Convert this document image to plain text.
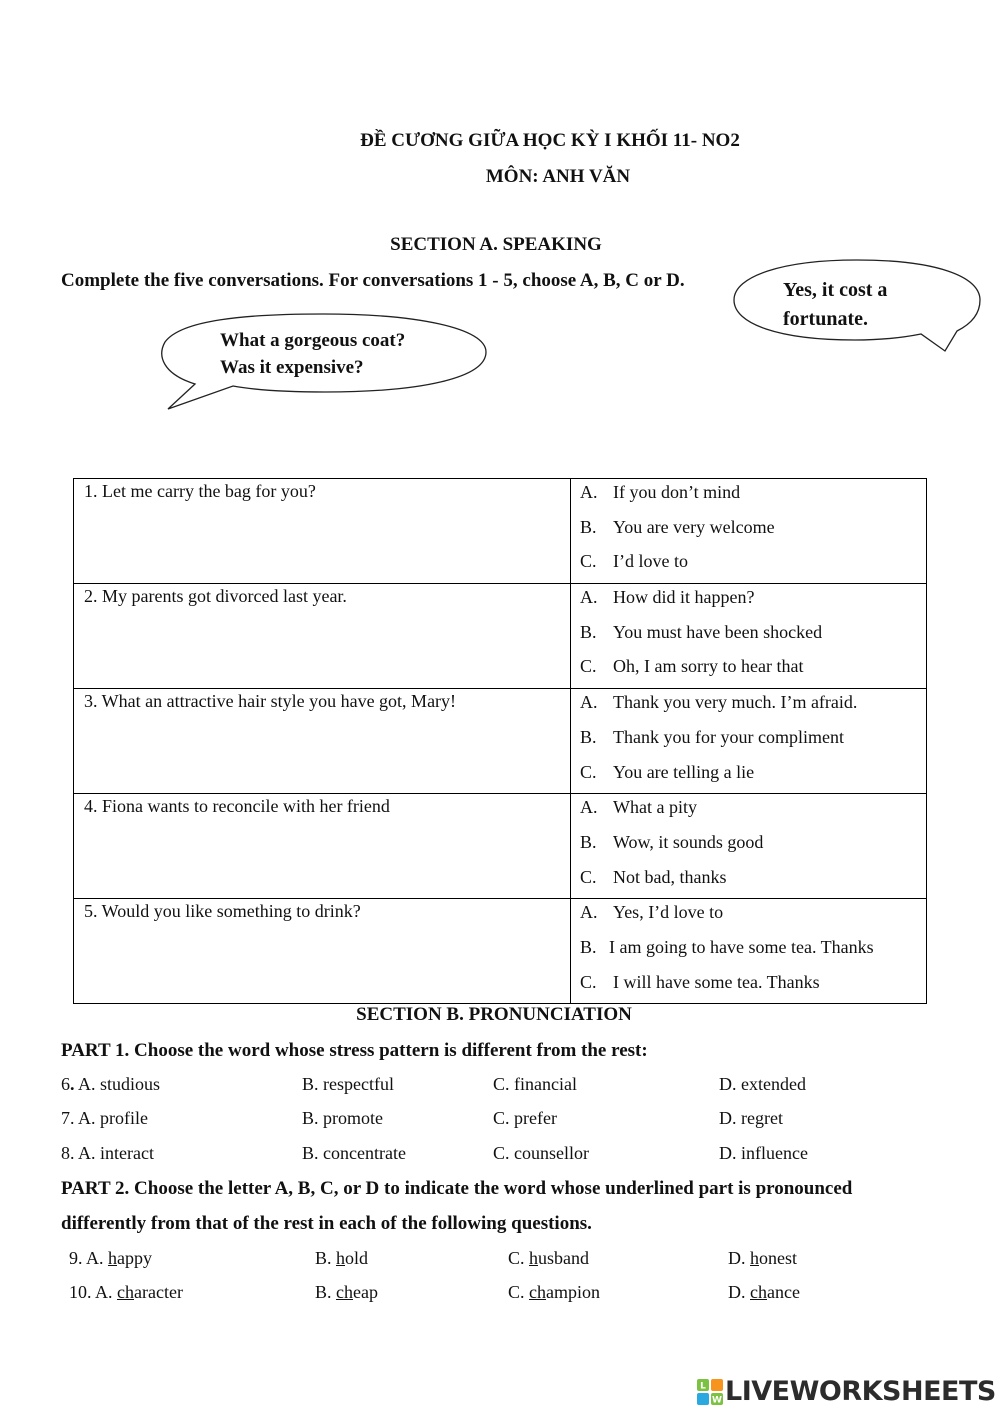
ĐỀ CƯƠNG GIỮA HỌC KỲ I KHỐI 11- NO2
MÔN: ANH VĂN
SECTION A. SPEAKING
Complete the five conversations. For conversations 1 - 5, choose A, B, C or D.
What a gorgeous coat?
Was it expensive?
Yes, it cost a
fortunate.
1. Let me carry the bag for you?	A. If you don’t mind
B. You are very welcome
C. I’d love to

2. My parents got divorced last year.	A. How did it happen?
B. You must have been shocked
C. Oh, I am sorry to hear that

3. What an attractive hair style you have got, Mary!	A. Thank you very much. I’m afraid.
B. Thank you for your compliment
C. You are telling a lie

4. Fiona wants to reconcile with her friend	A. What a pity
B. Wow, it sounds good
C. Not bad, thanks

5. Would you like something to drink?	A. Yes, I’d love to
B. I am going to have some tea. Thanks
C. I will have some tea. Thanks
SECTION B. PRONUNCIATION
PART 1. Choose the word whose stress pattern is different from the rest:
6. A. studious	B. respectful	C. financial	D. extended
7. A. profile	B. promote	C. prefer	D. regret
8. A. interact	B. concentrate	C. counsellor	D. influence
PART 2. Choose the letter A, B, C, or D to indicate the word whose underlined part is pronounced
differently from that of the rest in each of the following questions.
9. A. happy	B. hold	C. husband	D. honest
10. A. character	B. cheap	C. champion	D. chance
L
W LIVEWORKSHEETS
